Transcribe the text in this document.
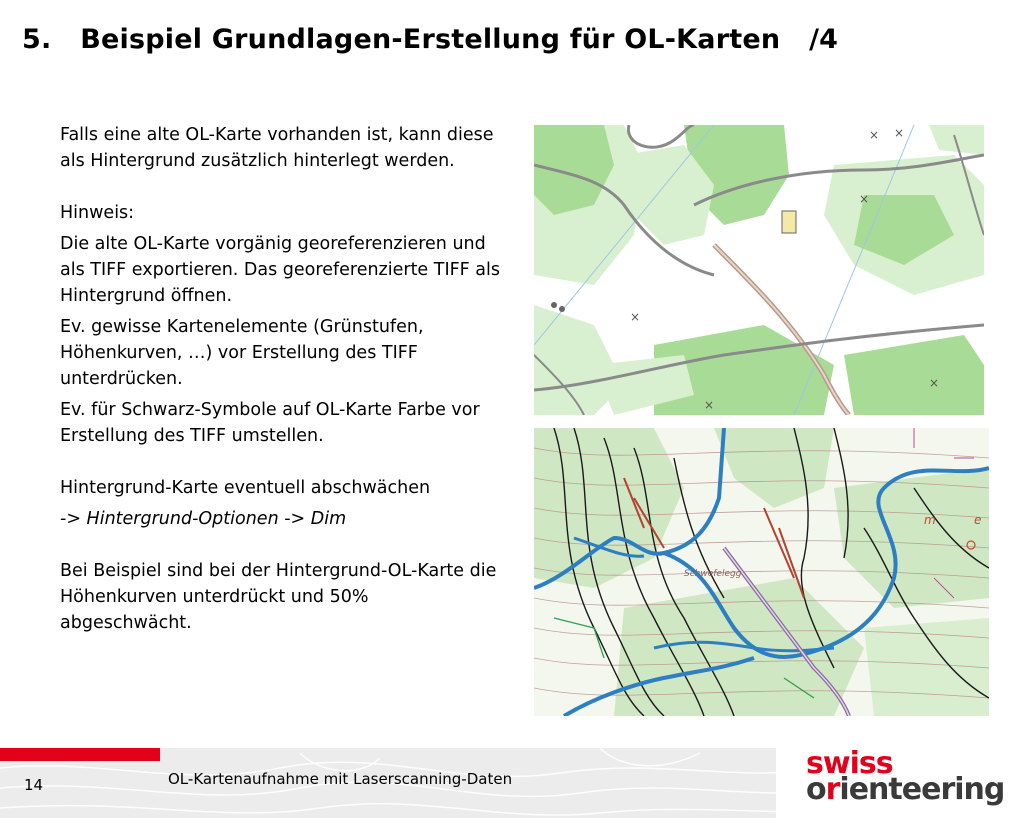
5.   Beispiel Grundlagen-Erstellung für OL-Karten   /4

Falls eine alte OL-Karte vorhanden ist, kann diese als Hintergrund zusätzlich hinterlegt werden.

Hinweis:

Die alte OL-Karte vorgänig georeferenzieren und als TIFF exportieren. Das georeferenzierte TIFF als Hintergrund öffnen.

Ev. gewisse Kartenelemente (Grünstufen, Höhenkurven, …) vor Erstellung des TIFF unterdrücken.

Ev. für Schwarz-Symbole auf OL-Karte Farbe vor Erstellung des TIFF umstellen.

Hintergrund-Karte eventuell abschwächen

-> Hintergrund-Optionen -> Dim

Bei Beispiel sind bei der Hintergrund-OL-Karte die Höhenkurven unterdrückt und 50% abgeschwächt.

× ×
×
×
×
×
Schwefelegg
m	e
14	OL-Kartenaufnahme mit Laserscanning-Daten	swiss
orienteering
